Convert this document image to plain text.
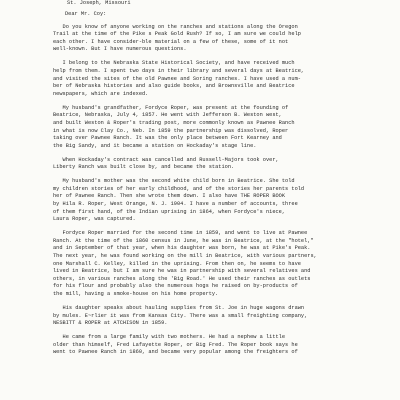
St. Joseph, Missouri
Dear Mr. Coy:
Do you know of anyone working on the ranches and stations along the Oregon
Trail at the time of the Pike s Peak Gold Rush? If so, I am sure we could help
each other. I have consider-ble material on a few of these, some of it not
well-known. But I have numerous questions.
I belong to the Nebraska State Historical Society, and have received much
help from them. I spent two days in their library and several days at Beatrice,
and visited the sites of the old Pawnee and Soring ranches. I have used a num-
ber of Nebraska histories and also guide books, and Brownsville and Beatrice
newspapers, which are indexed.
My husband's grandfather, Fordyce Roper, was present at the founding of
Beatrice, Nebraska, July 4, 1857. He went with Jefferson B. Weston west,
and built Weston & Roper's trading post, more commonly known as Pawnee Ranch
in what is now Clay Co., Neb. In 1859 the partnership was dissolved, Roper
taking over Pawnee Ranch. It was the only place between Fort Kearney and
the Big Sandy, and it became a station on Hockaday's stage line.
When Hockaday's contract was cancelled and Russell-Majors took over,
Liberty Ranch was built close by, and became the station.
My husband's mother was the second white child born in Beatrice. She told
my children stories of her early childhood, and of the stories her parents told
her of Pawnee Ranch. Then she wrote them down. I also have THE ROPER BOOK
by Hila R. Roper, West Orange, N. J. 1904. I have a number of accounts, three
of them first hand, of the Indian uprising in 1864, when Fordyce's niece,
Laura Roper, was captured.
Fordyce Roper married for the second time in 1859, and went to live at Pawnee
Ranch. At the time of the 1860 census in June, he was in Beatrice, at the "hotel,"
and in September of that year, when his daughter was born, he was at Pike's Peak.
The next year, he was found working on the mill in Beatrice, with various partners,
one Marshall C. Kelley, killed in the uprising. From then on, he seems to have
lived in Beatrice, but I am sure he was in partnership with several relatives and
others, in various ranches along the 'Big Road.' He used their ranches as outlets
for his flour and probably also the numerous hogs he raised on by-products of
the mill, having a smoke-house on his home property.
His daughter speaks about hauling supplies from St. Joe in huge wagons drawn
by mules. E~rlier it was from Kansas City. There was a small freighting company,
NESBITT & ROPER at ATCHISON in 1859.
He came from a large family with two mothers. He had a nephew a little
older than himself, Fred Lafayette Roper, or Big Fred. The Roper book says he
went to Pawnee Ranch in 1860, and became very popular among the freighters of
